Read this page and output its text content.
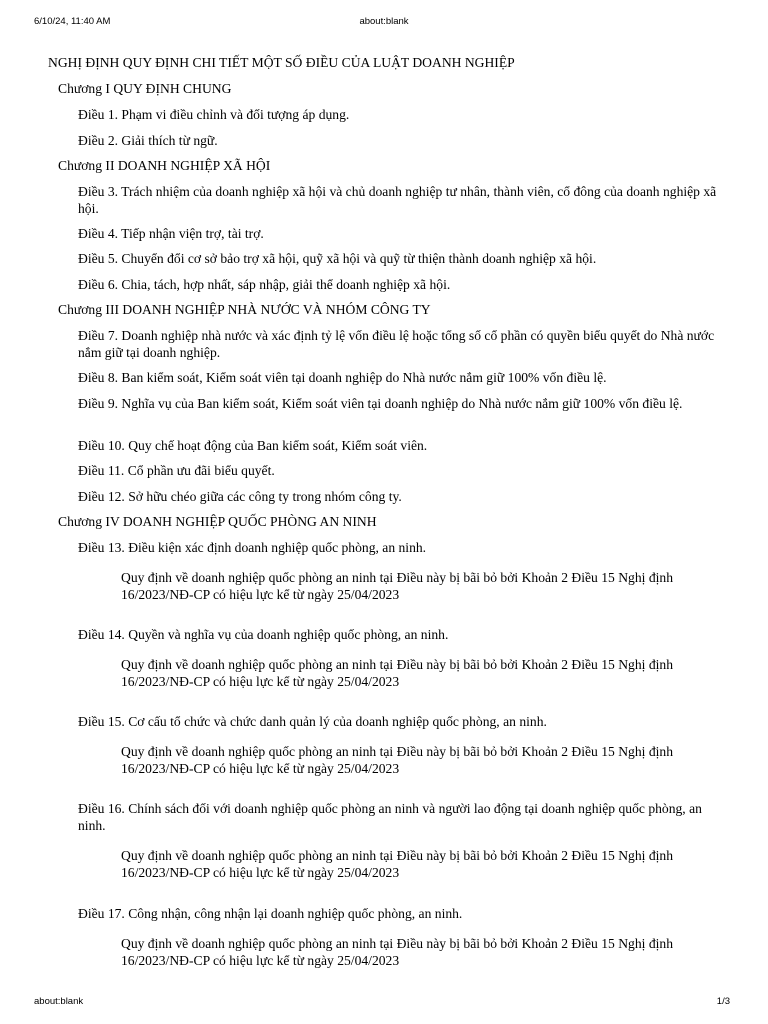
6/10/24, 11:40 AM	about:blank
NGHỊ ĐỊNH QUY ĐỊNH CHI TIẾT MỘT SỐ ĐIỀU CỦA LUẬT DOANH NGHIỆP
Chương I QUY ĐỊNH CHUNG
Điều 1. Phạm vi điều chỉnh và đối tượng áp dụng.
Điều 2. Giải thích từ ngữ.
Chương II DOANH NGHIỆP XÃ HỘI
Điều 3. Trách nhiệm của doanh nghiệp xã hội và chủ doanh nghiệp tư nhân, thành viên, cổ đông của doanh nghiệp xã hội.
Điều 4. Tiếp nhận viện trợ, tài trợ.
Điều 5. Chuyển đổi cơ sở bảo trợ xã hội, quỹ xã hội và quỹ từ thiện thành doanh nghiệp xã hội.
Điều 6. Chia, tách, hợp nhất, sáp nhập, giải thể doanh nghiệp xã hội.
Chương III DOANH NGHIỆP NHÀ NƯỚC VÀ NHÓM CÔNG TY
Điều 7. Doanh nghiệp nhà nước và xác định tỷ lệ vốn điều lệ hoặc tổng số cổ phần có quyền biểu quyết do Nhà nước nắm giữ tại doanh nghiệp.
Điều 8. Ban kiểm soát, Kiểm soát viên tại doanh nghiệp do Nhà nước nắm giữ 100% vốn điều lệ.
Điều 9. Nghĩa vụ của Ban kiểm soát, Kiểm soát viên tại doanh nghiệp do Nhà nước nắm giữ 100% vốn điều lệ.
Điều 10. Quy chế hoạt động của Ban kiểm soát, Kiểm soát viên.
Điều 11. Cổ phần ưu đãi biểu quyết.
Điều 12. Sở hữu chéo giữa các công ty trong nhóm công ty.
Chương IV DOANH NGHIỆP QUỐC PHÒNG AN NINH
Điều 13. Điều kiện xác định doanh nghiệp quốc phòng, an ninh.
Quy định về doanh nghiệp quốc phòng an ninh tại Điều này bị bãi bỏ bởi Khoản 2 Điều 15 Nghị định 16/2023/NĐ-CP có hiệu lực kể từ ngày 25/04/2023
Điều 14. Quyền và nghĩa vụ của doanh nghiệp quốc phòng, an ninh.
Quy định về doanh nghiệp quốc phòng an ninh tại Điều này bị bãi bỏ bởi Khoản 2 Điều 15 Nghị định 16/2023/NĐ-CP có hiệu lực kể từ ngày 25/04/2023
Điều 15. Cơ cấu tổ chức và chức danh quản lý của doanh nghiệp quốc phòng, an ninh.
Quy định về doanh nghiệp quốc phòng an ninh tại Điều này bị bãi bỏ bởi Khoản 2 Điều 15 Nghị định 16/2023/NĐ-CP có hiệu lực kể từ ngày 25/04/2023
Điều 16. Chính sách đối với doanh nghiệp quốc phòng an ninh và người lao động tại doanh nghiệp quốc phòng, an ninh.
Quy định về doanh nghiệp quốc phòng an ninh tại Điều này bị bãi bỏ bởi Khoản 2 Điều 15 Nghị định 16/2023/NĐ-CP có hiệu lực kể từ ngày 25/04/2023
Điều 17. Công nhận, công nhận lại doanh nghiệp quốc phòng, an ninh.
Quy định về doanh nghiệp quốc phòng an ninh tại Điều này bị bãi bỏ bởi Khoản 2 Điều 15 Nghị định 16/2023/NĐ-CP có hiệu lực kể từ ngày 25/04/2023
about:blank	1/3
